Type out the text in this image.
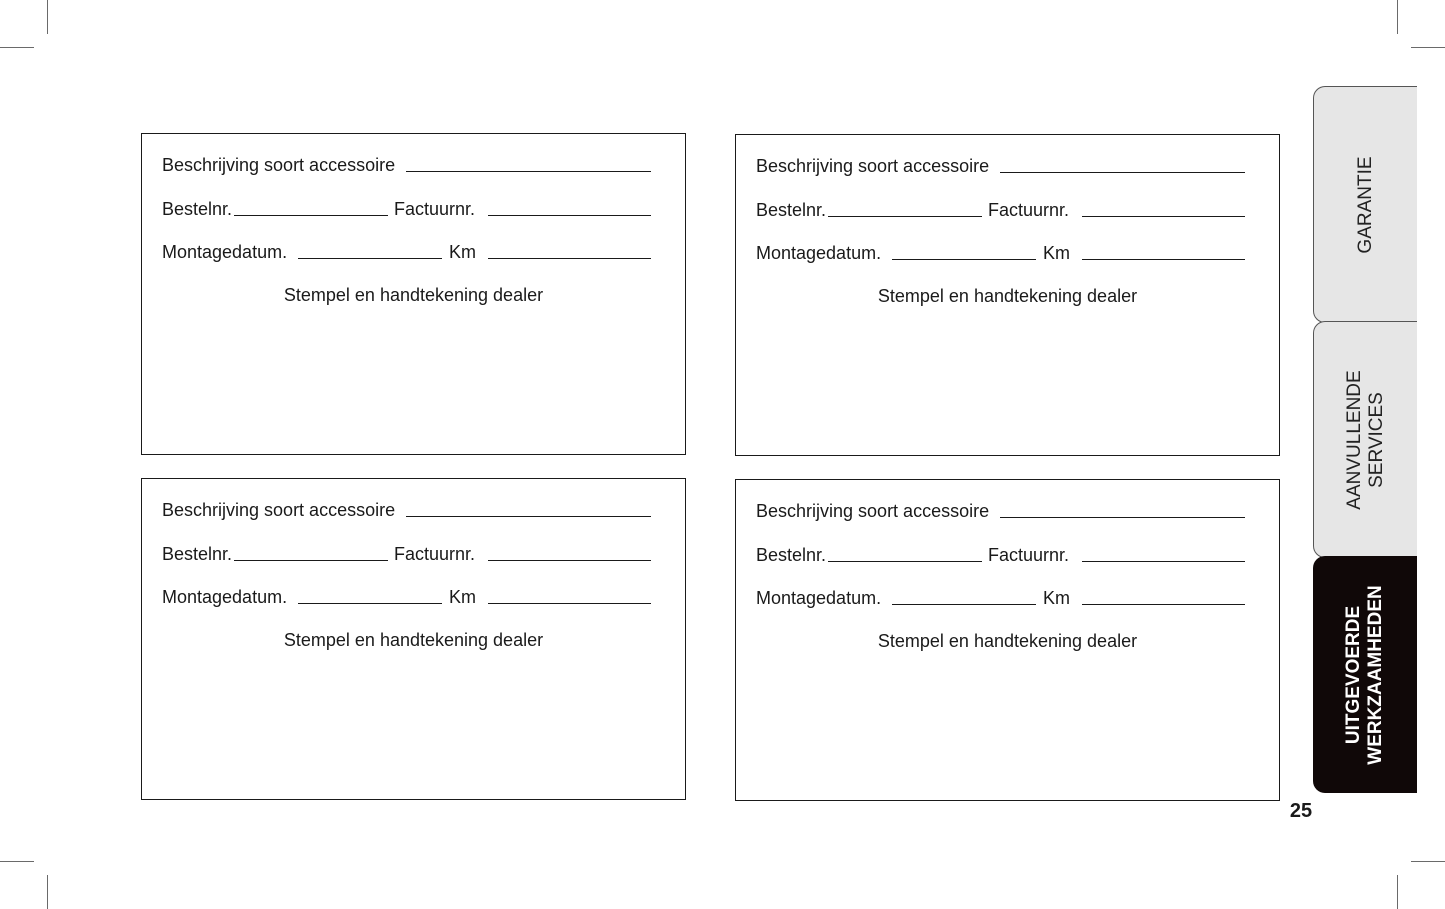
Beschrijving soort accessoire
Bestelnr.	Factuurnr.
Montagedatum.	Km
Stempel en handtekening dealer
Beschrijving soort accessoire
Bestelnr.	Factuurnr.
Montagedatum.	Km
Stempel en handtekening dealer
Beschrijving soort accessoire
Bestelnr.	Factuurnr.
Montagedatum.	Km
Stempel en handtekening dealer
Beschrijving soort accessoire
Bestelnr.	Factuurnr.
Montagedatum.	Km
Stempel en handtekening dealer
GARANTIE
AANVULLENDE SERVICES
UITGEVOERDE WERKZAAMHEDEN
25
